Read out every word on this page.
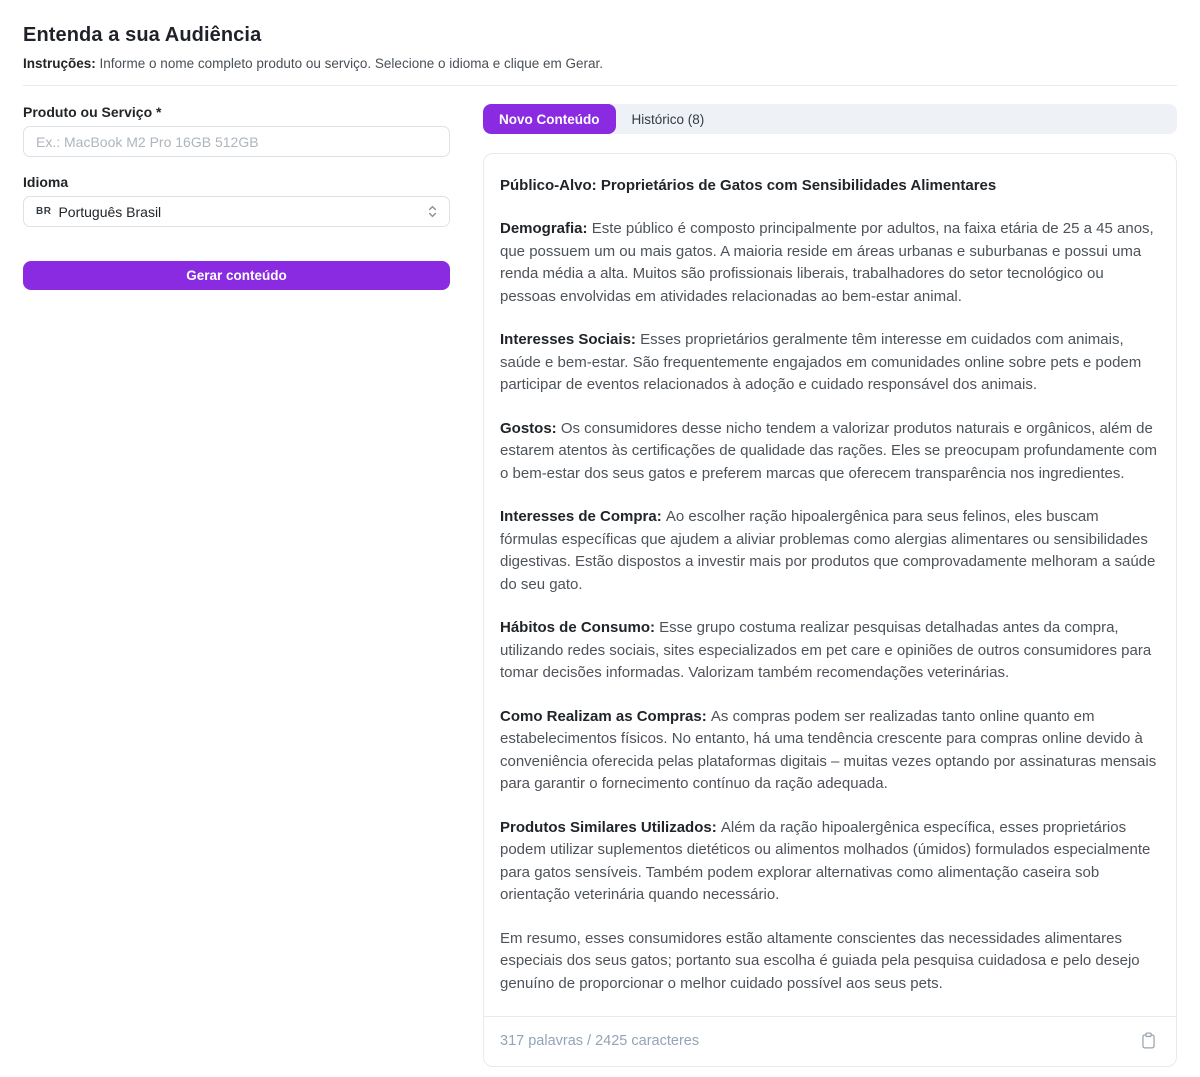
Entenda a sua Audiência

Instruções: Informe o nome completo produto ou serviço. Selecione o idioma e clique em Gerar.

Produto ou Serviço *
Ex.: MacBook M2 Pro 16GB 512GB
Idioma
BR Português Brasil
Gerar conteúdo
Novo Conteúdo	Histórico (8)
Público-Alvo: Proprietários de Gatos com Sensibilidades Alimentares

Demografia: Este público é composto principalmente por adultos, na faixa etária de 25 a 45 anos, que possuem um ou mais gatos. A maioria reside em áreas urbanas e suburbanas e possui uma renda média a alta. Muitos são profissionais liberais, trabalhadores do setor tecnológico ou pessoas envolvidas em atividades relacionadas ao bem-estar animal.

Interesses Sociais: Esses proprietários geralmente têm interesse em cuidados com animais, saúde e bem-estar. São frequentemente engajados em comunidades online sobre pets e podem participar de eventos relacionados à adoção e cuidado responsável dos animais.

Gostos: Os consumidores desse nicho tendem a valorizar produtos naturais e orgânicos, além de estarem atentos às certificações de qualidade das rações. Eles se preocupam profundamente com o bem-estar dos seus gatos e preferem marcas que oferecem transparência nos ingredientes.

Interesses de Compra: Ao escolher ração hipoalergênica para seus felinos, eles buscam fórmulas específicas que ajudem a aliviar problemas como alergias alimentares ou sensibilidades digestivas. Estão dispostos a investir mais por produtos que comprovadamente melhoram a saúde do seu gato.

Hábitos de Consumo: Esse grupo costuma realizar pesquisas detalhadas antes da compra, utilizando redes sociais, sites especializados em pet care e opiniões de outros consumidores para tomar decisões informadas. Valorizam também recomendações veterinárias.

Como Realizam as Compras: As compras podem ser realizadas tanto online quanto em estabelecimentos físicos. No entanto, há uma tendência crescente para compras online devido à conveniência oferecida pelas plataformas digitais – muitas vezes optando por assinaturas mensais para garantir o fornecimento contínuo da ração adequada.

Produtos Similares Utilizados: Além da ração hipoalergênica específica, esses proprietários podem utilizar suplementos dietéticos ou alimentos molhados (úmidos) formulados especialmente para gatos sensíveis. Também podem explorar alternativas como alimentação caseira sob orientação veterinária quando necessário.

Em resumo, esses consumidores estão altamente conscientes das necessidades alimentares especiais dos seus gatos; portanto sua escolha é guiada pela pesquisa cuidadosa e pelo desejo genuíno de proporcionar o melhor cuidado possível aos seus pets.

317 palavras / 2425 caracteres
